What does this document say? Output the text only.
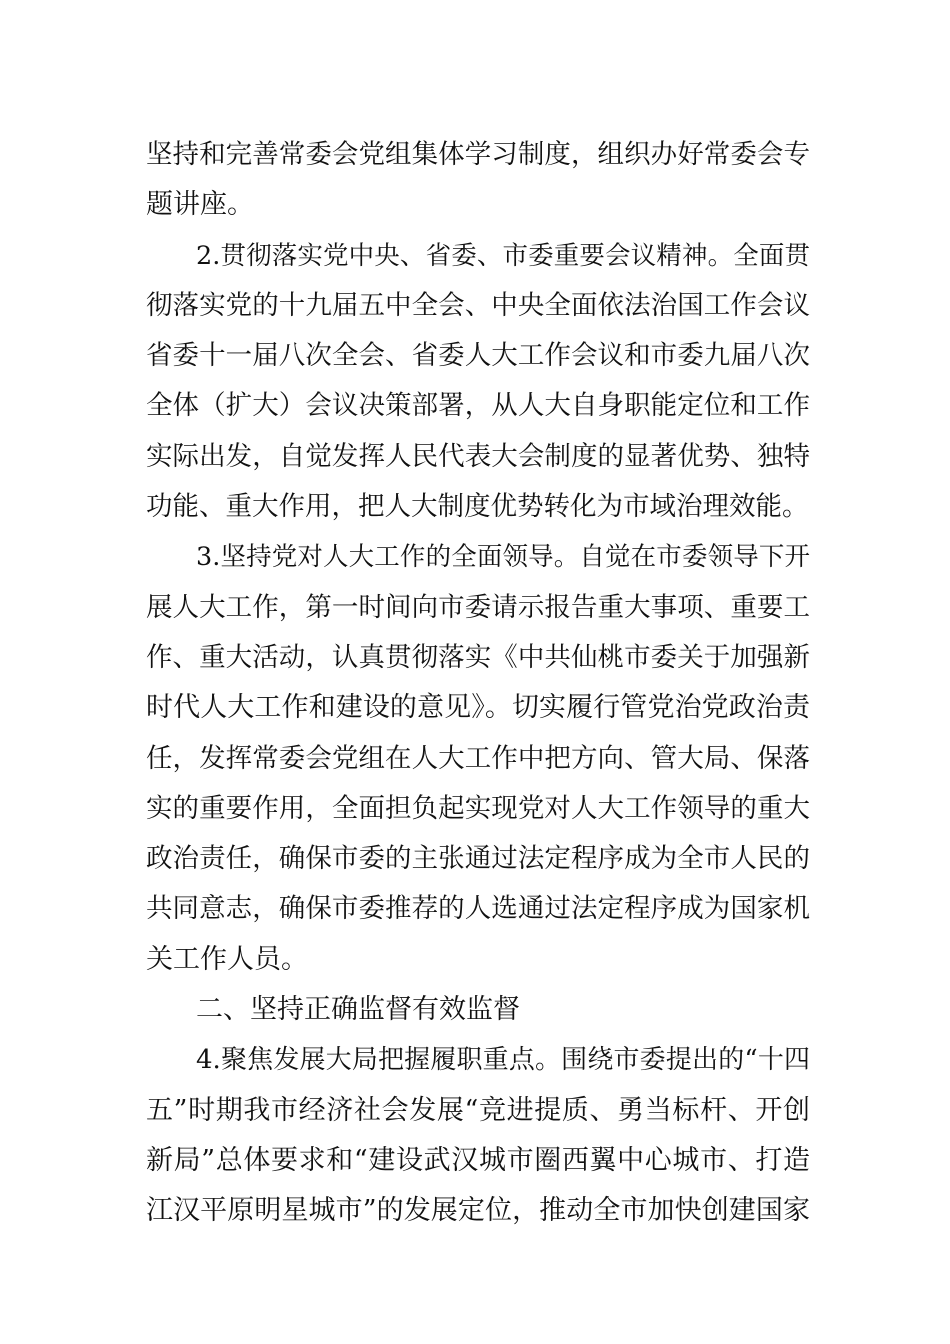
坚持和完善常委会党组集体学习制度，组织办好常委会专
题讲座。
2.贯彻落实党中央、省委、市委重要会议精神。全面贯
彻落实党的十九届五中全会、中央全面依法治国工作会议
省委十一届八次全会、省委人大工作会议和市委九届八次
全体（扩大）会议决策部署，从人大自身职能定位和工作
实际出发，自觉发挥人民代表大会制度的显著优势、独特
功能、重大作用，把人大制度优势转化为市域治理效能。
3.坚持党对人大工作的全面领导。自觉在市委领导下开
展人大工作，第一时间向市委请示报告重大事项、重要工
作、重大活动，认真贯彻落实《中共仙桃市委关于加强新
时代人大工作和建设的意见》。切实履行管党治党政治责
任，发挥常委会党组在人大工作中把方向、管大局、保落
实的重要作用，全面担负起实现党对人大工作领导的重大
政治责任，确保市委的主张通过法定程序成为全市人民的
共同意志，确保市委推荐的人选通过法定程序成为国家机
关工作人员。
二、坚持正确监督有效监督
4.聚焦发展大局把握履职重点。围绕市委提出的“十四
五”时期我市经济社会发展“竞进提质、勇当标杆、开创
新局”总体要求和“建设武汉城市圈西翼中心城市、打造
江汉平原明星城市”的发展定位，推动全市加快创建国家
